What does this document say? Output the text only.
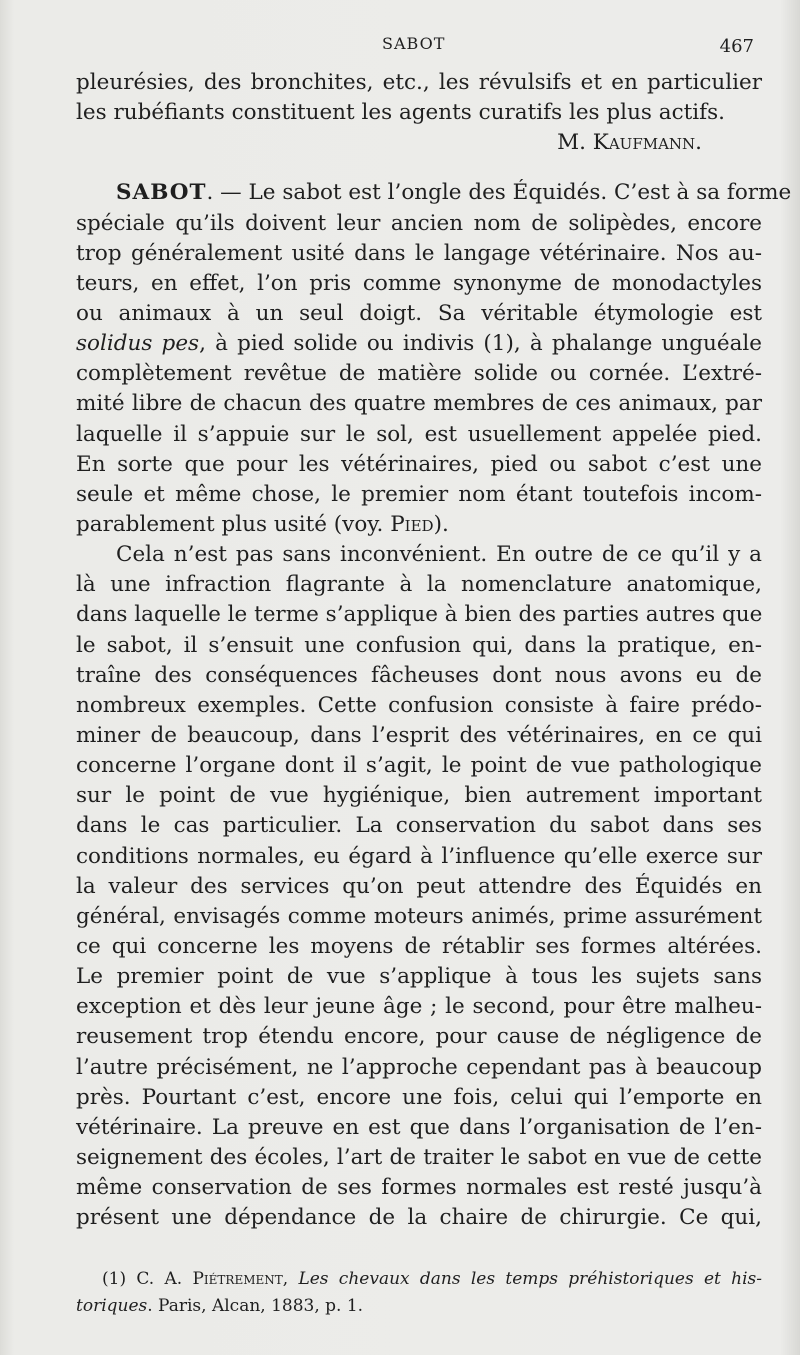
SABOT	467
pleurésies, des bronchites, etc., les révulsifs et en particulier
les rubéfiants constituent les agents curatifs les plus actifs.
M. Kaufmann.
SABOT. — Le sabot est l’ongle des Équidés. C’est à sa forme
spéciale qu’ils doivent leur ancien nom de solipèdes, encore
trop généralement usité dans le langage vétérinaire. Nos au-
teurs, en effet, l’on pris comme synonyme de monodactyles
ou animaux à un seul doigt. Sa véritable étymologie est
solidus pes, à pied solide ou indivis (1), à phalange unguéale
complètement revêtue de matière solide ou cornée. L’extré-
mité libre de chacun des quatre membres de ces animaux, par
laquelle il s’appuie sur le sol, est usuellement appelée pied.
En sorte que pour les vétérinaires, pied ou sabot c’est une
seule et même chose, le premier nom étant toutefois incom-
parablement plus usité (voy. Pied).
Cela n’est pas sans inconvénient. En outre de ce qu’il y a
là une infraction flagrante à la nomenclature anatomique,
dans laquelle le terme s’applique à bien des parties autres que
le sabot, il s’ensuit une confusion qui, dans la pratique, en-
traîne des conséquences fâcheuses dont nous avons eu de
nombreux exemples. Cette confusion consiste à faire prédo-
miner de beaucoup, dans l’esprit des vétérinaires, en ce qui
concerne l’organe dont il s’agit, le point de vue pathologique
sur le point de vue hygiénique, bien autrement important
dans le cas particulier. La conservation du sabot dans ses
conditions normales, eu égard à l’influence qu’elle exerce sur
la valeur des services qu’on peut attendre des Équidés en
général, envisagés comme moteurs animés, prime assurément
ce qui concerne les moyens de rétablir ses formes altérées.
Le premier point de vue s’applique à tous les sujets sans
exception et dès leur jeune âge ; le second, pour être malheu-
reusement trop étendu encore, pour cause de négligence de
l’autre précisément, ne l’approche cependant pas à beaucoup
près. Pourtant c’est, encore une fois, celui qui l’emporte en
vétérinaire. La preuve en est que dans l’organisation de l’en-
seignement des écoles, l’art de traiter le sabot en vue de cette
même conservation de ses formes normales est resté jusqu’à
présent une dépendance de la chaire de chirurgie. Ce qui,
(1) C. A. Piétrement, Les chevaux dans les temps préhistoriques et his-
toriques. Paris, Alcan, 1883, p. 1.
